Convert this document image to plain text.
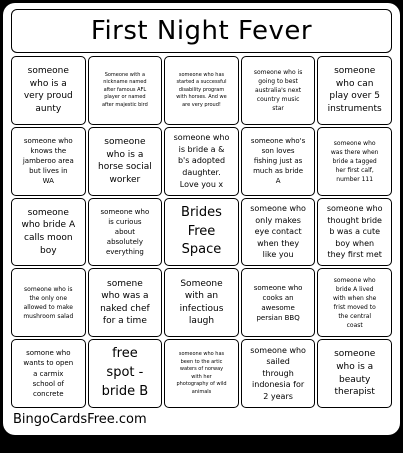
First Night Fever
someone
who is a
very proud
aunty
Someone with a
nickname named
after famous AFL
player or named
after majestic bird
someone who has
started a successful
disability program
with horses. And we
are very proud!
someone who is
going to best
australia's next
country music
star
someone
who can
play over 5
instruments
someone who
knows the
jamberoo area
but lives in
WA
someone
who is a
horse social
worker
someone who
is bride a &
b's adopted
daughter.
Love you x
someone who's
son loves
fishing just as
much as bride
A
someone who
was there when
bride a tagged
her first calf,
number 111
someone
who bride A
calls moon
boy
someone who
is curious
about
absolutely
everything
Brides
Free
Space
someone who
only makes
eye contact
when they
like you
someone who
thought bride
b was a cute
boy when
they first met
someone who is
the only one
allowed to make
mushroom salad
somene
who was a
naked chef
for a time
Someone
with an
infectious
laugh
someone who
cooks an
awesome
persian BBQ
someone who
bride A lived
with when she
frist moved to
the central
coast
somone who
wants to open
a carmix
school of
concrete
free
spot -
bride B
someone who has
been to the artic
waters of norway
with her
photography of wild
animals
someone who
sailed
through
indonesia for
2 years
someone
who is a
beauty
therapist
BingoCardsFree.com
